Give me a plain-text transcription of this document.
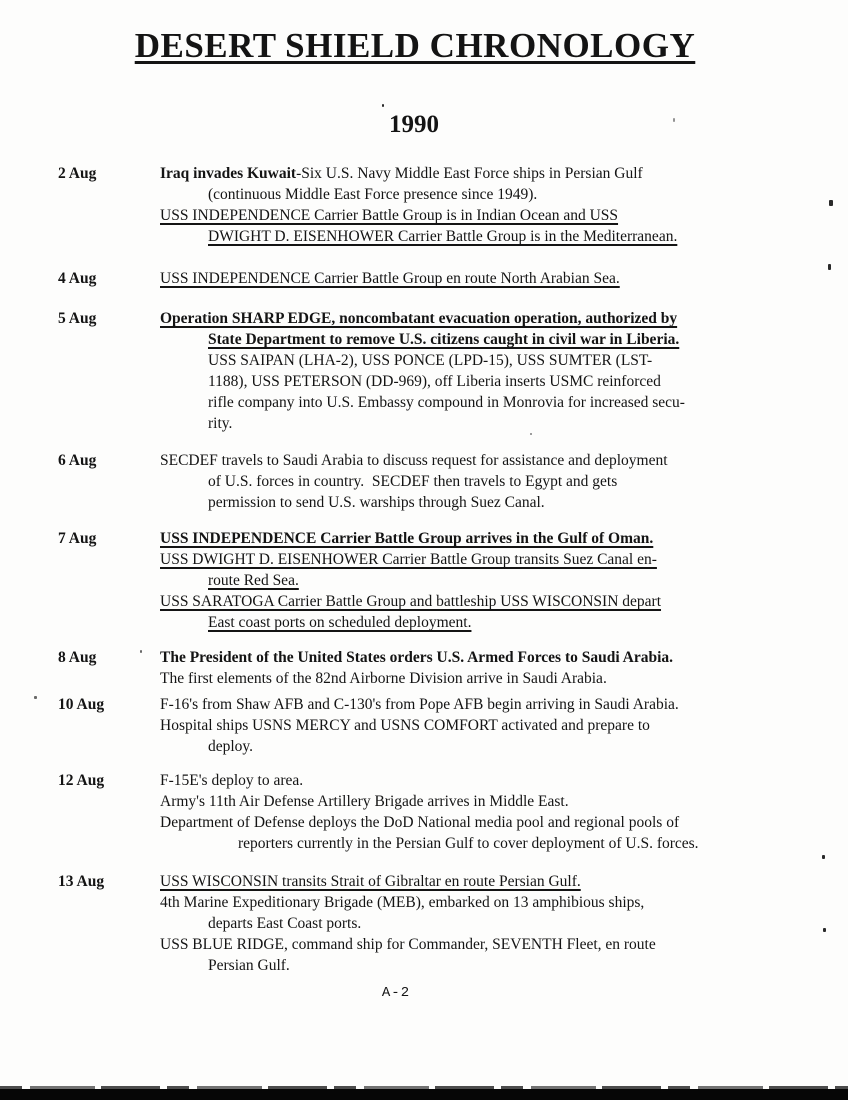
DESERT SHIELD CHRONOLOGY
1990
2 Aug	Iraq invades Kuwait-Six U.S. Navy Middle East Force ships in Persian Gulf
(continuous Middle East Force presence since 1949).
USS INDEPENDENCE Carrier Battle Group is in Indian Ocean and USS
DWIGHT D. EISENHOWER Carrier Battle Group is in the Mediterranean.
4 Aug	USS INDEPENDENCE Carrier Battle Group en route North Arabian Sea.
5 Aug	Operation SHARP EDGE, noncombatant evacuation operation, authorized by
State Department to remove U.S. citizens caught in civil war in Liberia.
USS SAIPAN (LHA-2), USS PONCE (LPD-15), USS SUMTER (LST-
1188), USS PETERSON (DD-969), off Liberia inserts USMC reinforced
rifle company into U.S. Embassy compound in Monrovia for increased secu-
rity.
6 Aug	SECDEF travels to Saudi Arabia to discuss request for assistance and deployment
of U.S. forces in country.  SECDEF then travels to Egypt and gets
permission to send U.S. warships through Suez Canal.
7 Aug	USS INDEPENDENCE Carrier Battle Group arrives in the Gulf of Oman.
USS DWIGHT D. EISENHOWER Carrier Battle Group transits Suez Canal en-
route Red Sea.
USS SARATOGA Carrier Battle Group and battleship USS WISCONSIN depart
East coast ports on scheduled deployment.
8 Aug	The President of the United States orders U.S. Armed Forces to Saudi Arabia.
The first elements of the 82nd Airborne Division arrive in Saudi Arabia.
10 Aug	F-16's from Shaw AFB and C-130's from Pope AFB begin arriving in Saudi Arabia.
Hospital ships USNS MERCY and USNS COMFORT activated and prepare to
deploy.
12 Aug	F-15E's deploy to area.
Army's 11th Air Defense Artillery Brigade arrives in Middle East.
Department of Defense deploys the DoD National media pool and regional pools of
reporters currently in the Persian Gulf to cover deployment of U.S. forces.
13 Aug	USS WISCONSIN transits Strait of Gibraltar en route Persian Gulf.
4th Marine Expeditionary Brigade (MEB), embarked on 13 amphibious ships,
departs East Coast ports.
USS BLUE RIDGE, command ship for Commander, SEVENTH Fleet, en route
Persian Gulf.
A-2
